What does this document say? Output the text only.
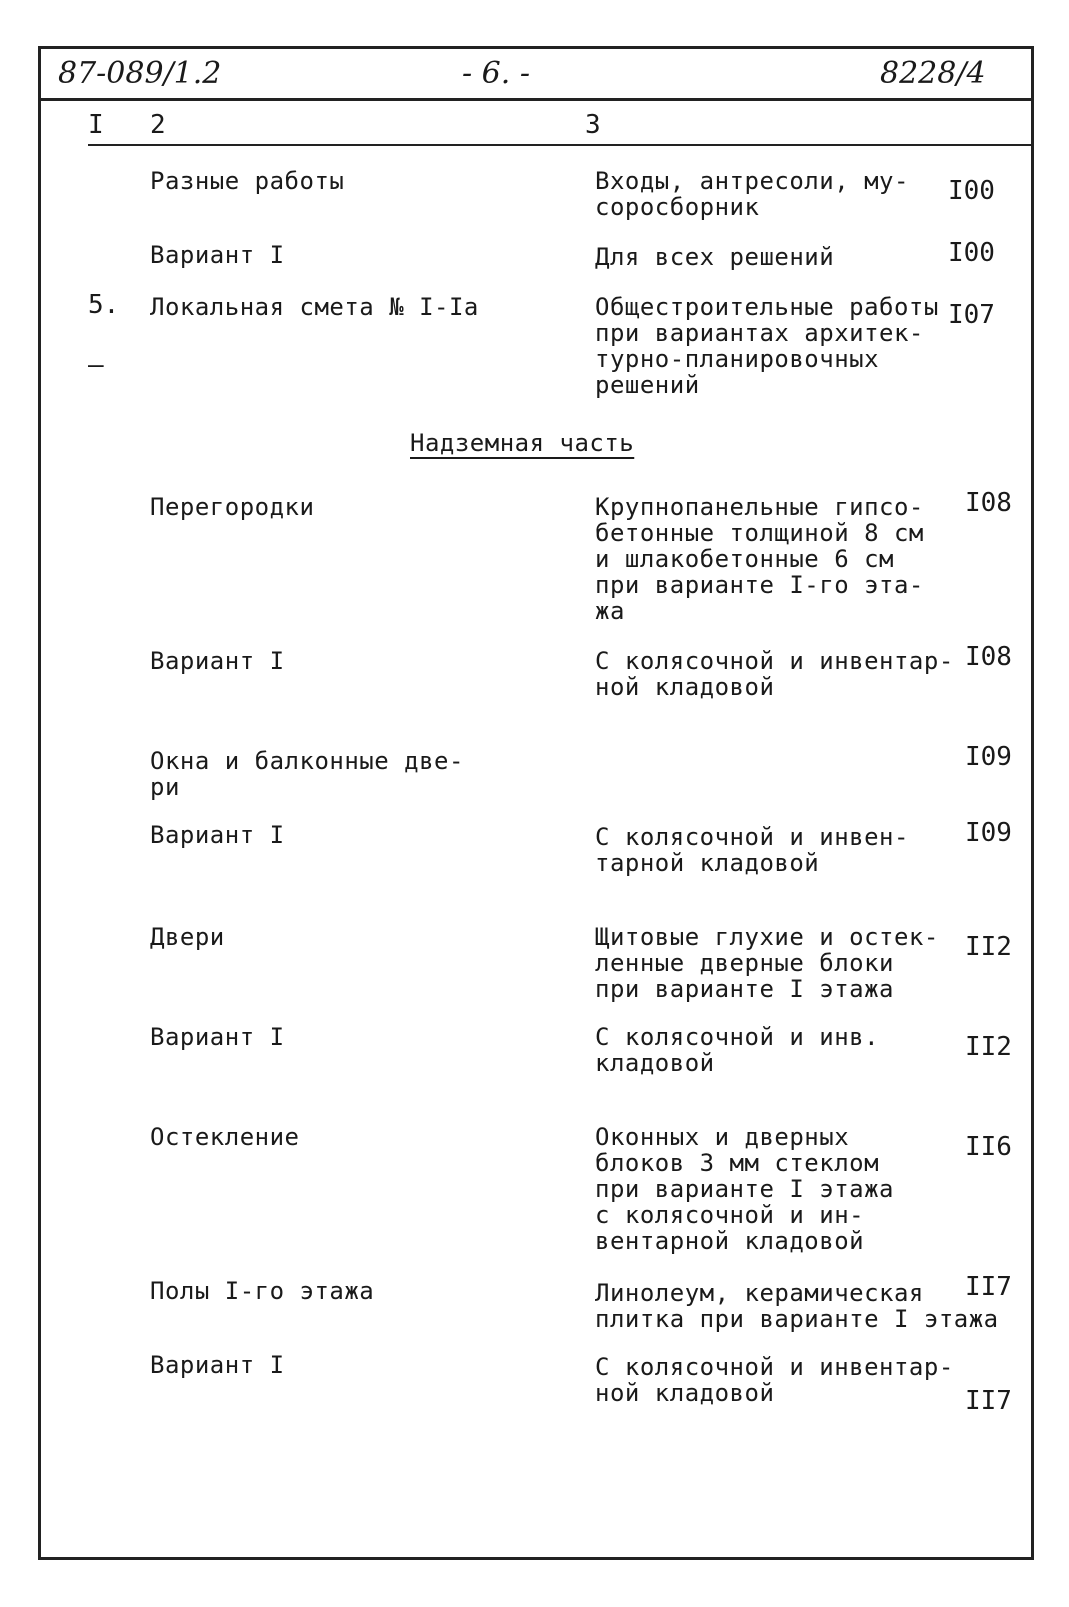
87-089/1.2	- 6. -	8228/4
I 2	3
Разные работы	Входы, антресоли, му-
соросборник
I00
Вариант I	Для всех решений	I00
5.
–
Локальная смета № I-Iа	Общестроительные работы
при вариантах архитек-
турно-планировочных
решений
I07
Надземная часть
Перегородки	Крупнопанельные гипсо-
бетонные толщиной 8 см
и шлакобетонные 6 см
при варианте I-го эта-
жа
I08
Вариант I	С колясочной и инвентар-
ной кладовой
I08
Окна и балконные две-
ри
I09
Вариант I	С колясочной и инвен-
тарной кладовой
I09
Двери	Щитовые глухие и остек-
ленные дверные блоки
при варианте I этажа
II2
Вариант I	С колясочной и инв.
кладовой
II2
Остекление	Оконных и дверных
блоков 3 мм стеклом
при варианте I этажа
с колясочной и ин-
вентарной кладовой
II6
Полы I-го этажа	Линолеум, керамическая
плитка при варианте I этажа
II7
Вариант I	С колясочной и инвентар-
ной кладовой	II7
